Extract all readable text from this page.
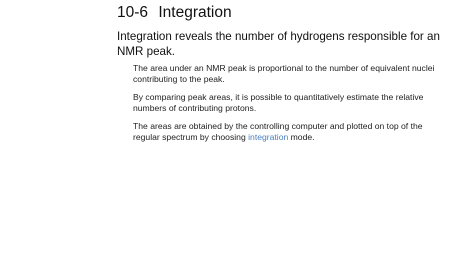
10-6 Integration
Integration reveals the number of hydrogens responsible for an NMR peak.
The area under an NMR peak is proportional to the number of equivalent nuclei contributing to the peak.
By comparing peak areas, it is possible to quantitatively estimate the relative numbers of contributing protons.
The areas are obtained by the controlling computer and plotted on top of the regular spectrum by choosing integration mode.
